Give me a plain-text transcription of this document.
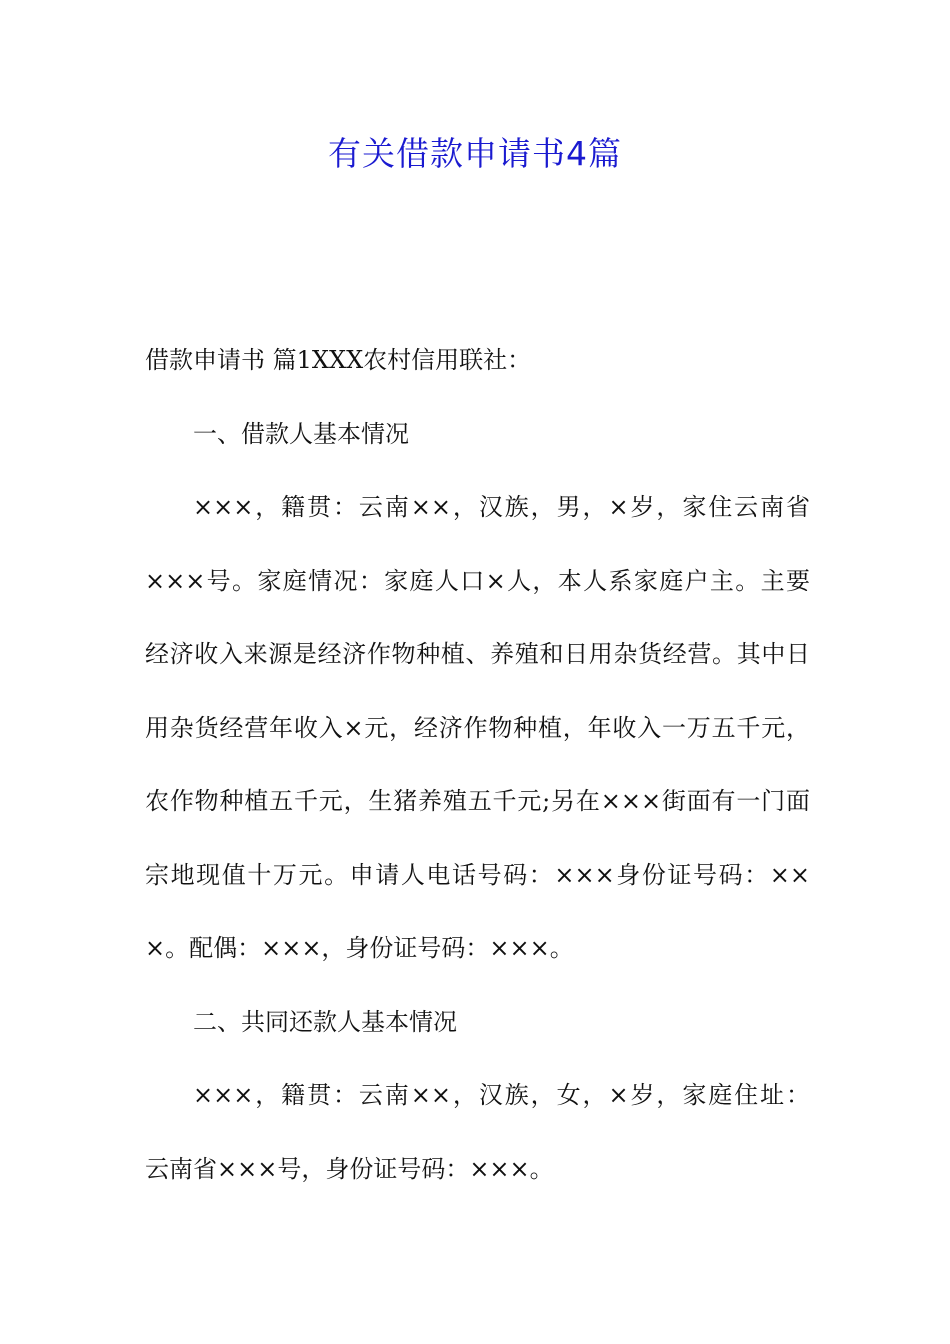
有关借款申请书4篇
借款申请书 篇1XXX农村信用联社：
一、借款人基本情况
×××，籍贯：云南××，汉族，男，×岁，家住云南省
×××号。家庭情况：家庭人口×人，本人系家庭户主。主要
经济收入来源是经济作物种植、养殖和日用杂货经营。其中日
用杂货经营年收入×元，经济作物种植，年收入一万五千元，
农作物种植五千元，生猪养殖五千元;另在×××街面有一门面
宗地现值十万元。申请人电话号码：×××身份证号码：××
×。配偶：×××，身份证号码：×××。
二、共同还款人基本情况
×××，籍贯：云南××，汉族，女，×岁，家庭住址：
云南省×××号，身份证号码：×××。
